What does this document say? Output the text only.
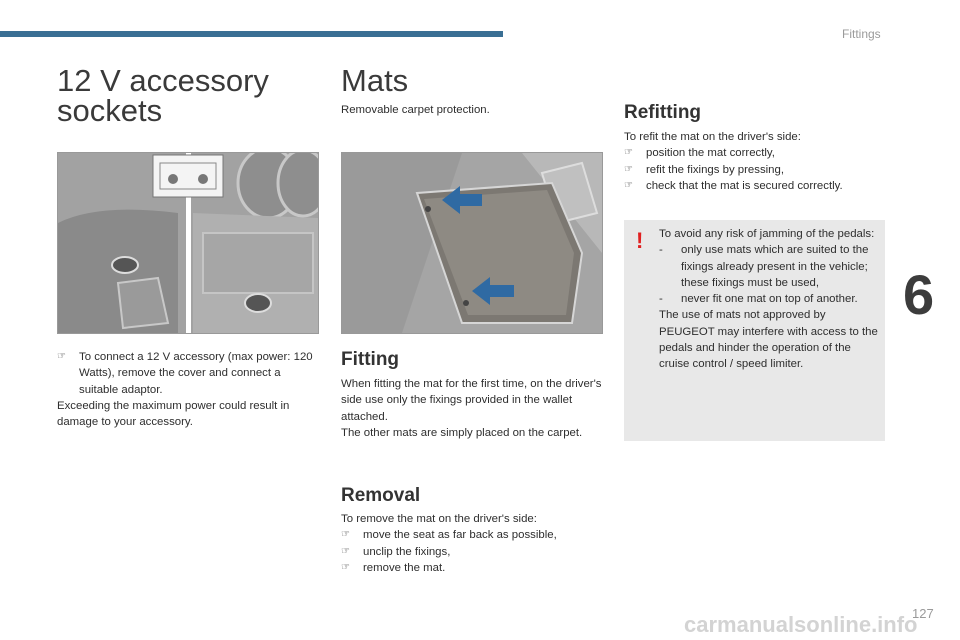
Fittings
6
127
carmanualsonline.info
12 V accessory sockets
☞	To connect a 12 V accessory (max power: 120 Watts), remove the cover and connect a suitable adaptor.

Exceeding the maximum power could result in damage to your accessory.

Mats
Removable carpet protection.
Fitting

When fitting the mat for the first time, on the driver's side use only the fixings provided in the wallet attached.

The other mats are simply placed on the carpet.

Removal

To remove the mat on the driver's side:

☞	move the seat as far back as possible,
☞	unclip the fixings,
☞	remove the mat.
Refitting

To refit the mat on the driver's side:

☞	position the mat correctly,
☞	refit the fixings by pressing,
☞	check that the mat is secured correctly.
! To avoid any risk of jamming of the pedals:

-	only use mats which are suited to the fixings already present in the vehicle; these fixings must be used,
-	never fit one mat on top of another.

The use of mats not approved by PEUGEOT may interfere with access to the pedals and hinder the operation of the cruise control / speed limiter.
